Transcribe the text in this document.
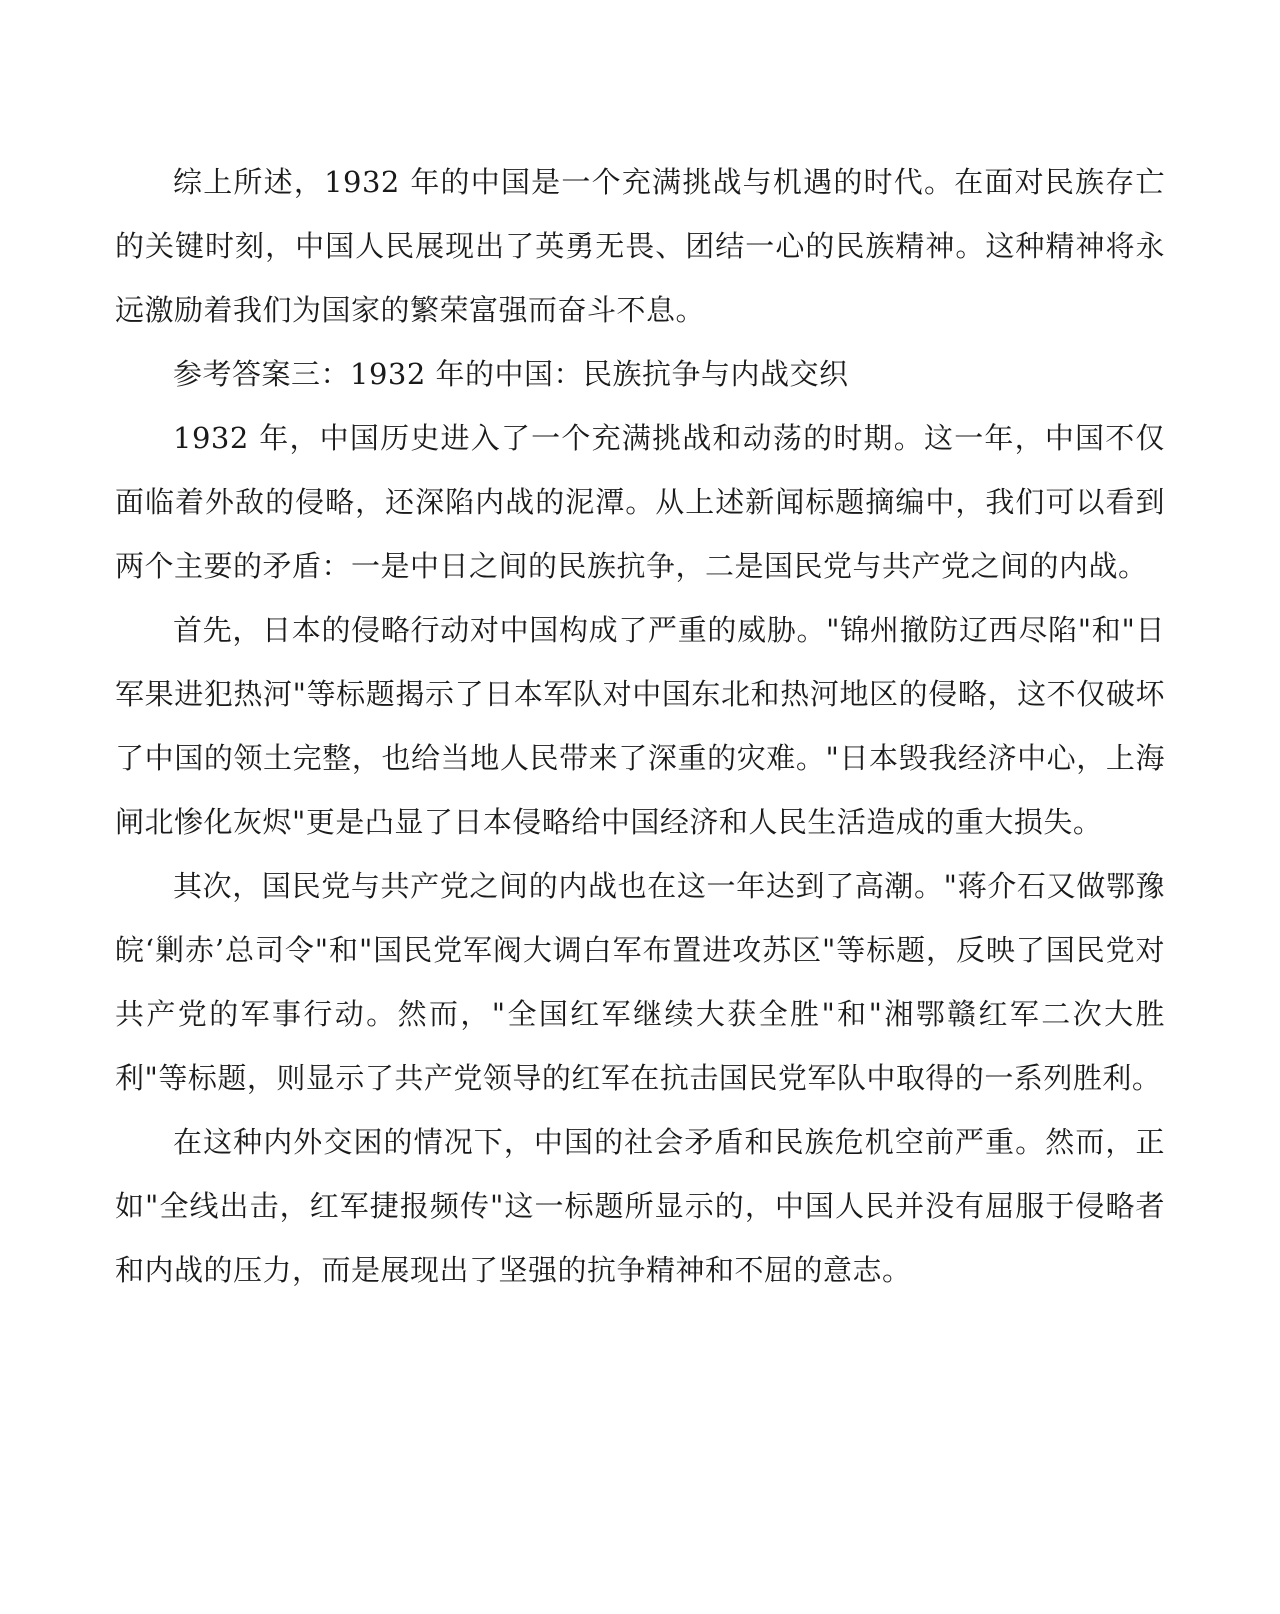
综上所述，1932 年的中国是一个充满挑战与机遇的时代。在面对民族存亡的关键时刻，中国人民展现出了英勇无畏、团结一心的民族精神。这种精神将永远激励着我们为国家的繁荣富强而奋斗不息。

参考答案三：1932 年的中国：民族抗争与内战交织

1932 年，中国历史进入了一个充满挑战和动荡的时期。这一年，中国不仅面临着外敌的侵略，还深陷内战的泥潭。从上述新闻标题摘编中，我们可以看到两个主要的矛盾：一是中日之间的民族抗争，二是国民党与共产党之间的内战。

首先，日本的侵略行动对中国构成了严重的威胁。"锦州撤防辽西尽陷"和"日军果进犯热河"等标题揭示了日本军队对中国东北和热河地区的侵略，这不仅破坏了中国的领土完整，也给当地人民带来了深重的灾难。"日本毁我经济中心，上海闸北惨化灰烬"更是凸显了日本侵略给中国经济和人民生活造成的重大损失。

其次，国民党与共产党之间的内战也在这一年达到了高潮。"蒋介石又做鄂豫皖‘剿赤’总司令"和"国民党军阀大调白军布置进攻苏区"等标题，反映了国民党对共产党的军事行动。然而，"全国红军继续大获全胜"和"湘鄂赣红军二次大胜利"等标题，则显示了共产党领导的红军在抗击国民党军队中取得的一系列胜利。

在这种内外交困的情况下，中国的社会矛盾和民族危机空前严重。然而，正如"全线出击，红军捷报频传"这一标题所显示的，中国人民并没有屈服于侵略者和内战的压力，而是展现出了坚强的抗争精神和不屈的意志。
